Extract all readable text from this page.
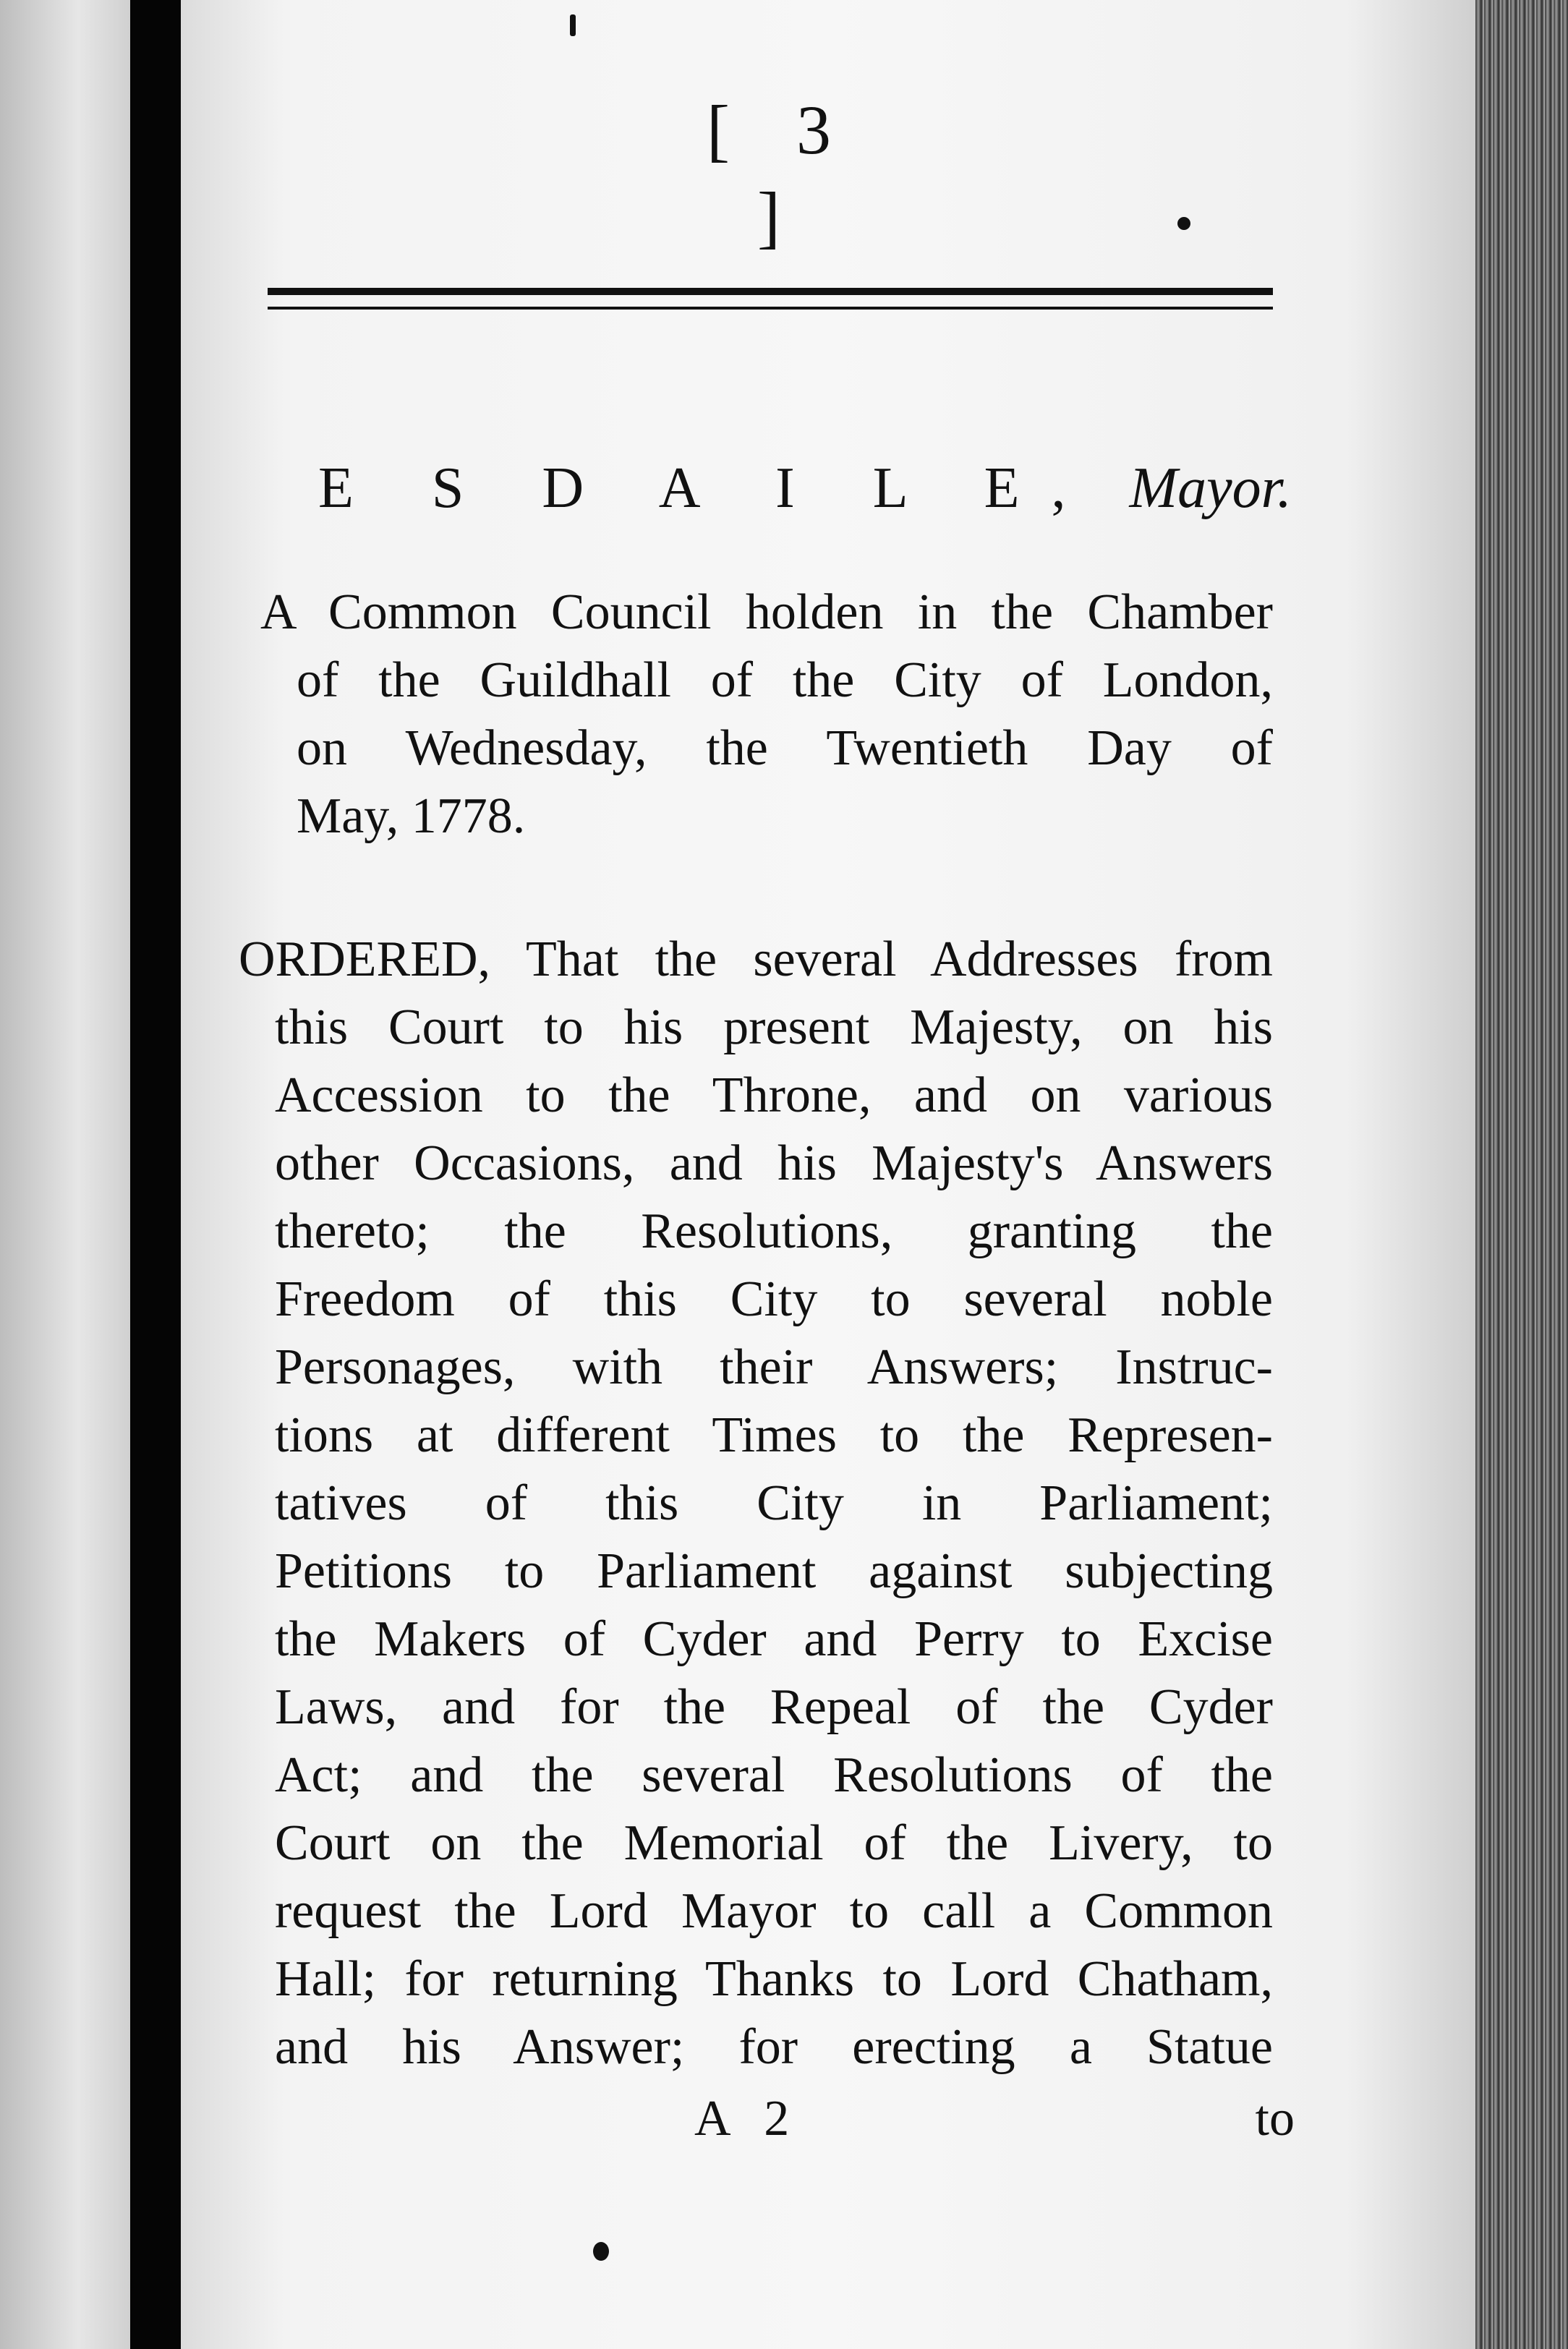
[ 3 ]
E S D A I L E, Mayor.
A Common Council holden in the Chamber
of the Guildhall of the City of London,
on Wednesday, the Twentieth Day of
May, 1778.
ORDERED, That the several Addresses from
this Court to his present Majesty, on his
Accession to the Throne, and on various
other Occasions, and his Majesty's Answers
thereto; the Resolutions, granting the
Freedom of this City to several noble
Personages, with their Answers; Instruc-
tions at different Times to the Represen-
tatives of this City in Parliament;
Petitions to Parliament against subjecting
the Makers of Cyder and Perry to Excise
Laws, and for the Repeal of the Cyder
Act; and the several Resolutions of the
Court on the Memorial of the Livery, to
request the Lord Mayor to call a Common
Hall; for returning Thanks to Lord Chatham,
and his Answer; for erecting a Statue
A 2	to
